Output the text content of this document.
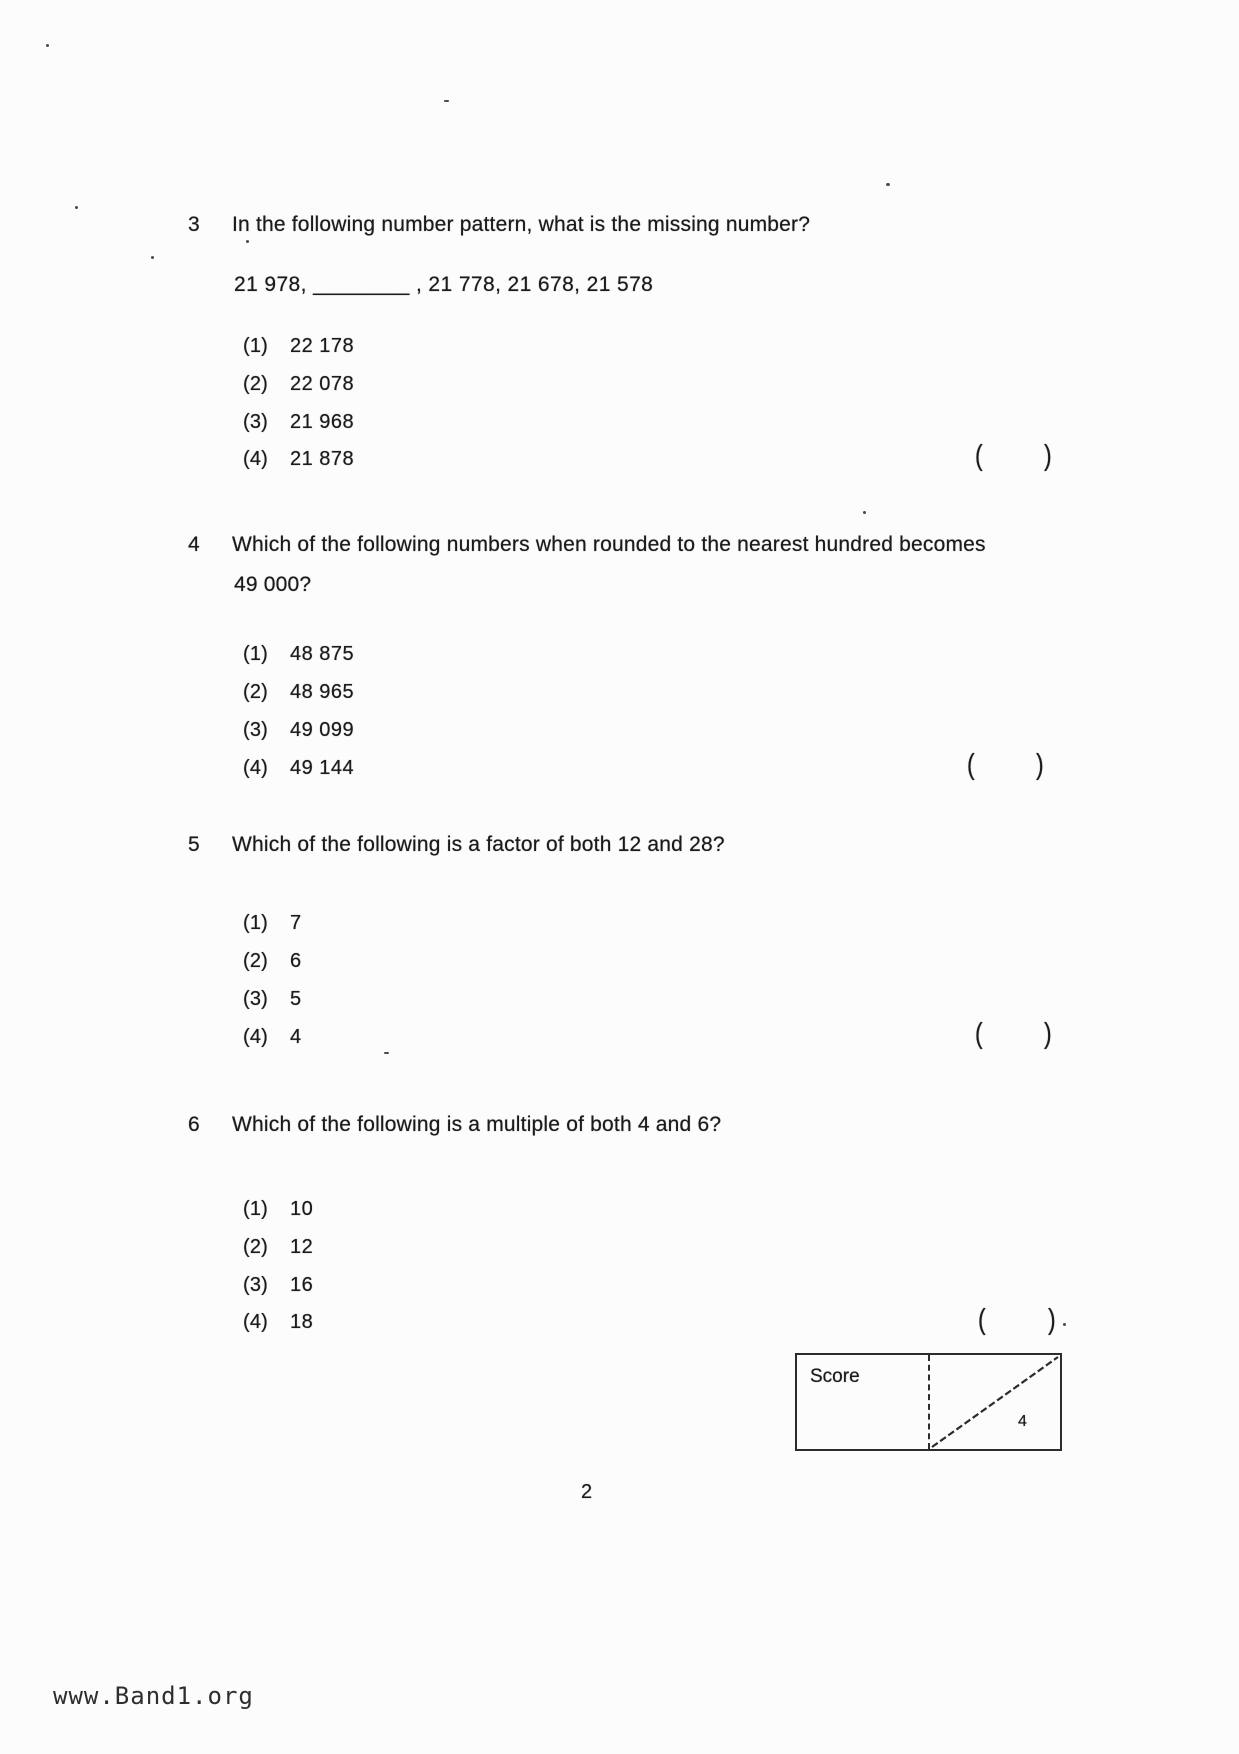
3 In the following number pattern, what is the missing number?
21 978, ________ , 21 778, 21 678, 21 578
(1) 22 178
(2) 22 078
(3) 21 968
(4) 21 878	(	)
4 Which of the following numbers when rounded to the nearest hundred becomes
49 000?
(1) 48 875
(2) 48 965
(3) 49 099
(4) 49 144	(	)
5 Which of the following is a factor of both 12 and 28?
(1) 7
(2) 6
(3) 5
(4) 4	(	)
6 Which of the following is a multiple of both 4 and 6?
(1) 10
(2) 12
(3) 16
(4) 18	(	)
Score
4
2
www.Band1.org
